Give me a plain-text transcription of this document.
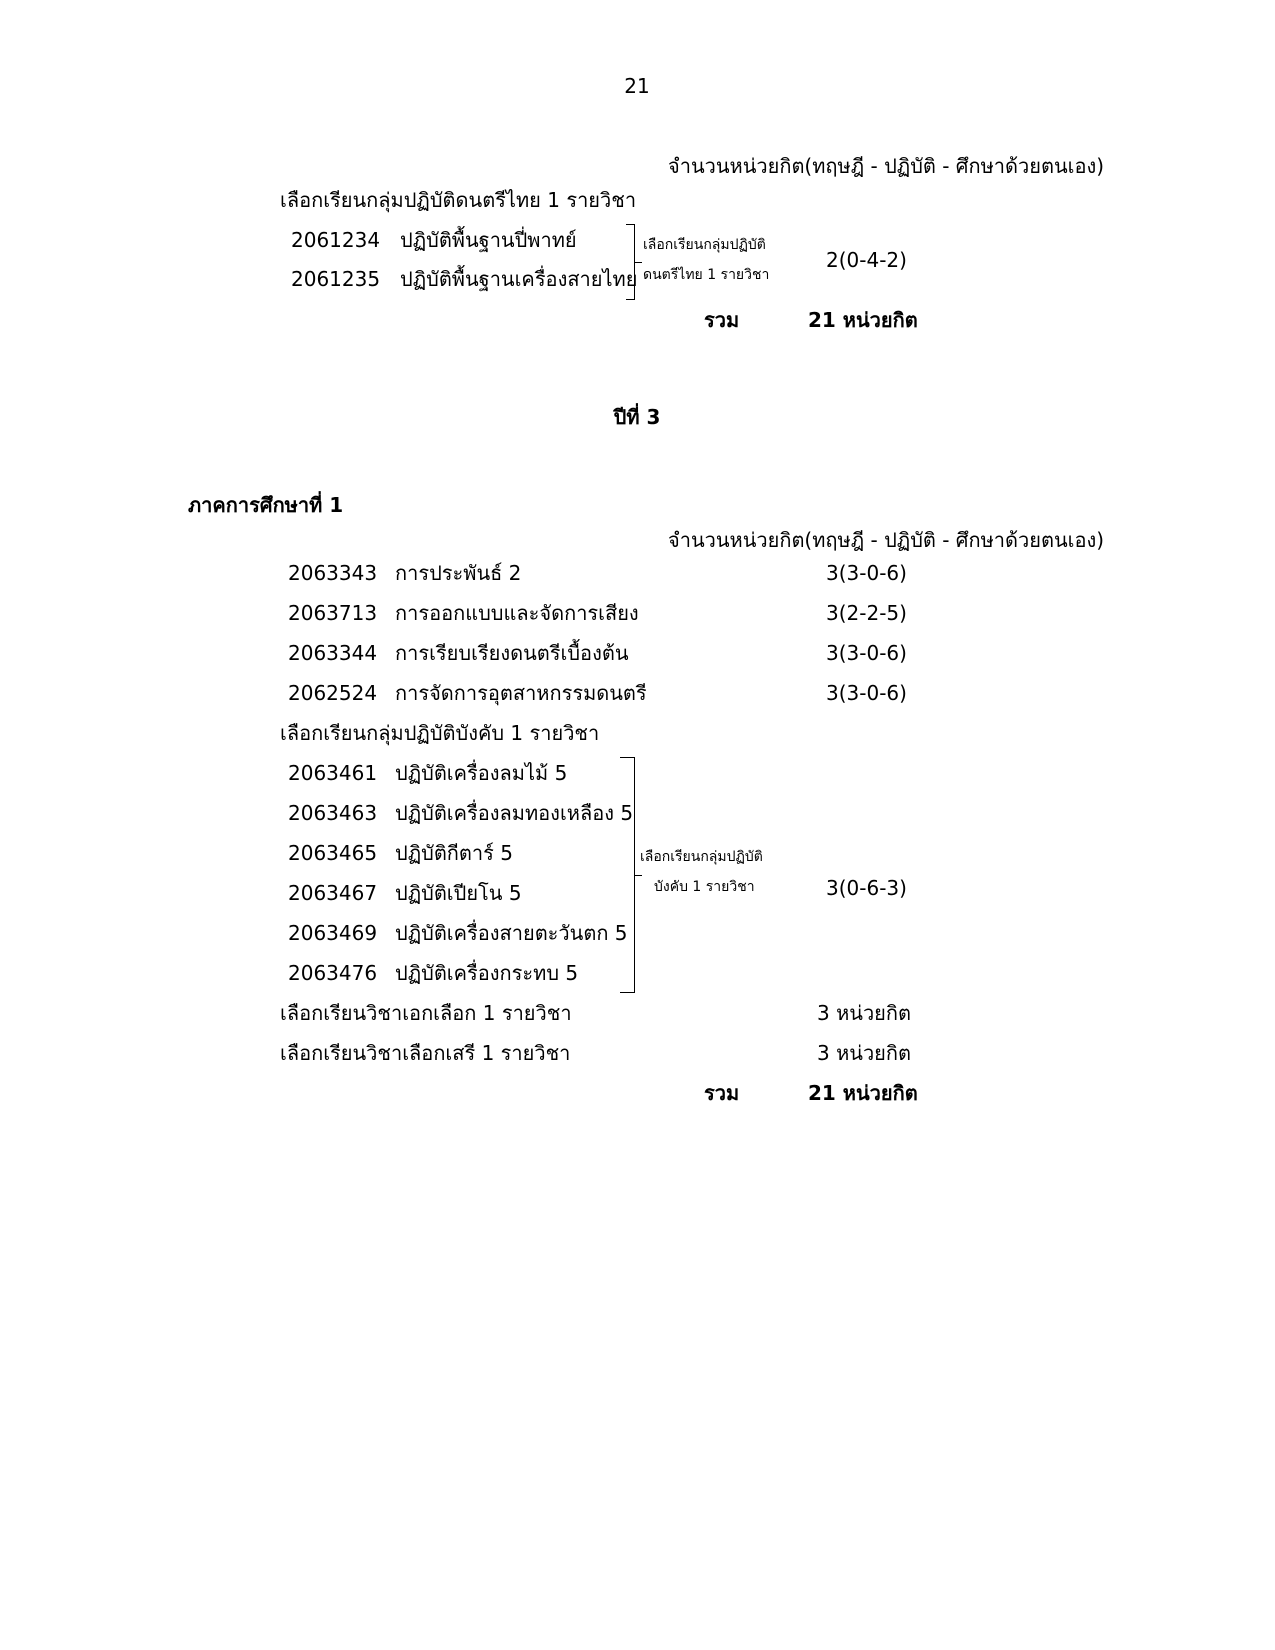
21
จำนวนหน่วยกิต(ทฤษฎี - ปฏิบัติ - ศึกษาด้วยตนเอง)
เลือกเรียนกลุ่มปฏิบัติดนตรีไทย 1 รายวิชา
2061234 ปฏิบัติพื้นฐานปี่พาทย์
2061235 ปฏิบัติพื้นฐานเครื่องสายไทย
เลือกเรียนกลุ่มปฏิบัติ
ดนตรีไทย 1 รายวิชา
2(0-4-2)
รวม	21 หน่วยกิต
ปีที่ 3
ภาคการศึกษาที่ 1
จำนวนหน่วยกิต(ทฤษฎี - ปฏิบัติ - ศึกษาด้วยตนเอง)
2063343 การประพันธ์ 2	3(3-0-6)
2063713 การออกแบบและจัดการเสียง	3(2-2-5)
2063344 การเรียบเรียงดนตรีเบื้องต้น	3(3-0-6)
2062524 การจัดการอุตสาหกรรมดนตรี	3(3-0-6)
เลือกเรียนกลุ่มปฏิบัติบังคับ 1 รายวิชา
2063461 ปฏิบัติเครื่องลมไม้ 5
2063463 ปฏิบัติเครื่องลมทองเหลือง 5
2063465 ปฏิบัติกีตาร์ 5
2063467 ปฏิบัติเปียโน 5
2063469 ปฏิบัติเครื่องสายตะวันตก 5
2063476 ปฏิบัติเครื่องกระทบ 5
เลือกเรียนกลุ่มปฏิบัติ
บังคับ 1 รายวิชา	3(0-6-3)
เลือกเรียนวิชาเอกเลือก 1 รายวิชา	3 หน่วยกิต
เลือกเรียนวิชาเลือกเสรี 1 รายวิชา	3 หน่วยกิต
รวม	21 หน่วยกิต
